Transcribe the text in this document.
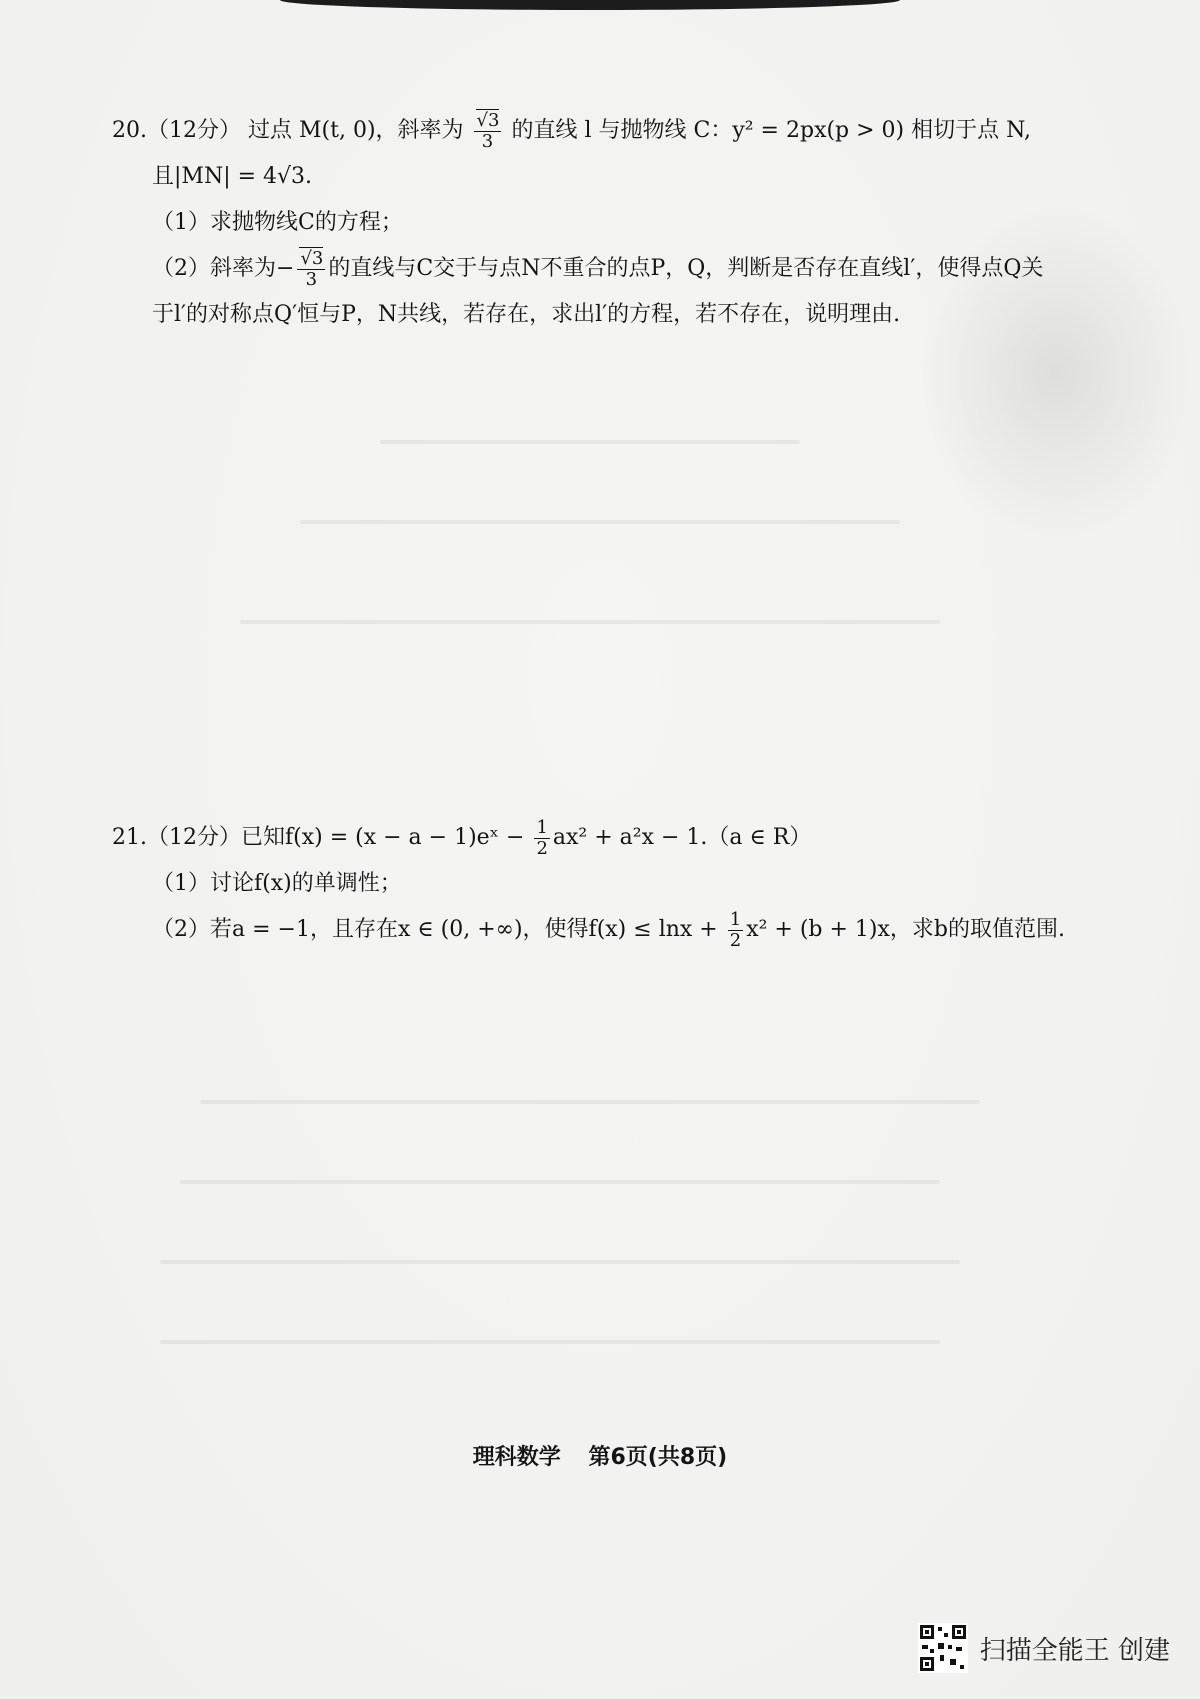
20.（12分） 过点 M(t, 0)，斜率为 $\frac{√3}{3}$ 的直线 l 与抛物线 C：y² = 2px(p > 0) 相切于点 N,
且|MN| = 4√3.
（1）求抛物线C的方程；
（2）斜率为− $\frac{√3}{3}$ 的直线与C交于与点N不重合的点P，Q，判断是否存在直线l′，使得点Q关
于l′的对称点Q′恒与P，N共线，若存在，求出l′的方程，若不存在，说明理由.
21.（12分）已知f(x) = (x − a − 1)eˣ − $\frac{1}{2} ax^2 + a^2x - 1.(a$ ∈ R）
（1）讨论f(x)的单调性；
（2）若a = −1，且存在x ∈ (0, +∞)，使得$f(x) \le \ln x + \frac{1}{2} x^2 + (b + 1)x$，求b的取值范围.
理科数学 第6页(共8页)
扫描全能王 创建
